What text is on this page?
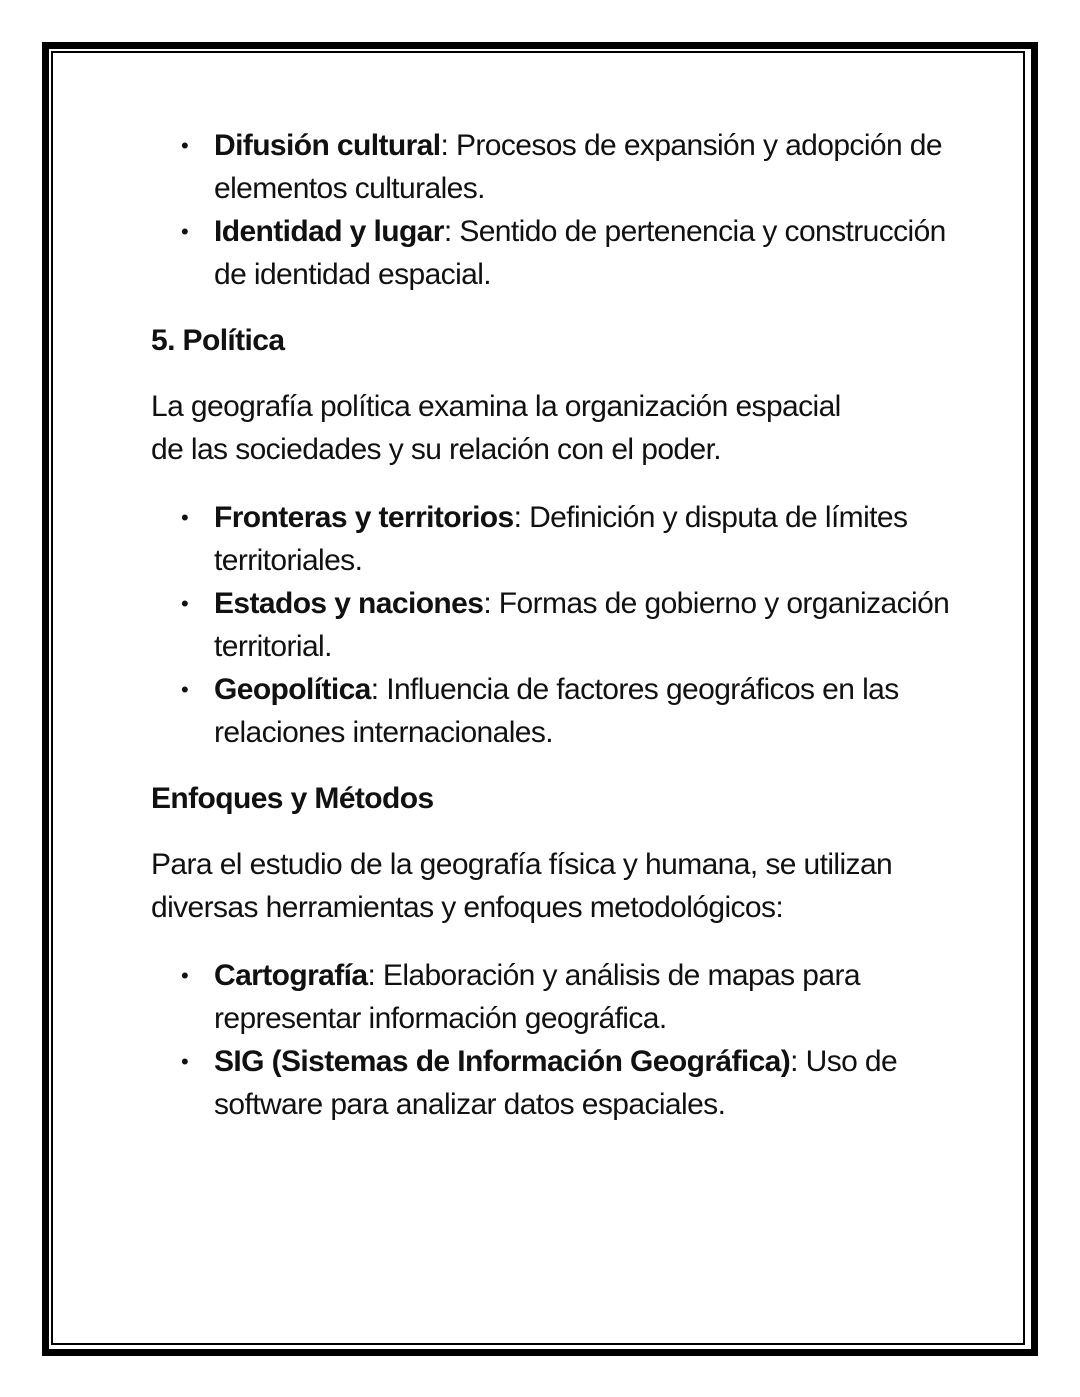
• Difusión cultural: Procesos de expansión y adopción de elementos culturales.
• Identidad y lugar: Sentido de pertenencia y construcción de identidad espacial.
5. Política

La geografía política examina la organización espacial de las sociedades y su relación con el poder.

• Fronteras y territorios: Definición y disputa de límites territoriales.
• Estados y naciones: Formas de gobierno y organización territorial.
• Geopolítica: Influencia de factores geográficos en las relaciones internacionales.
Enfoques y Métodos

Para el estudio de la geografía física y humana, se utilizan diversas herramientas y enfoques metodológicos:

• Cartografía: Elaboración y análisis de mapas para representar información geográfica.
• SIG (Sistemas de Información Geográfica): Uso de software para analizar datos espaciales.
